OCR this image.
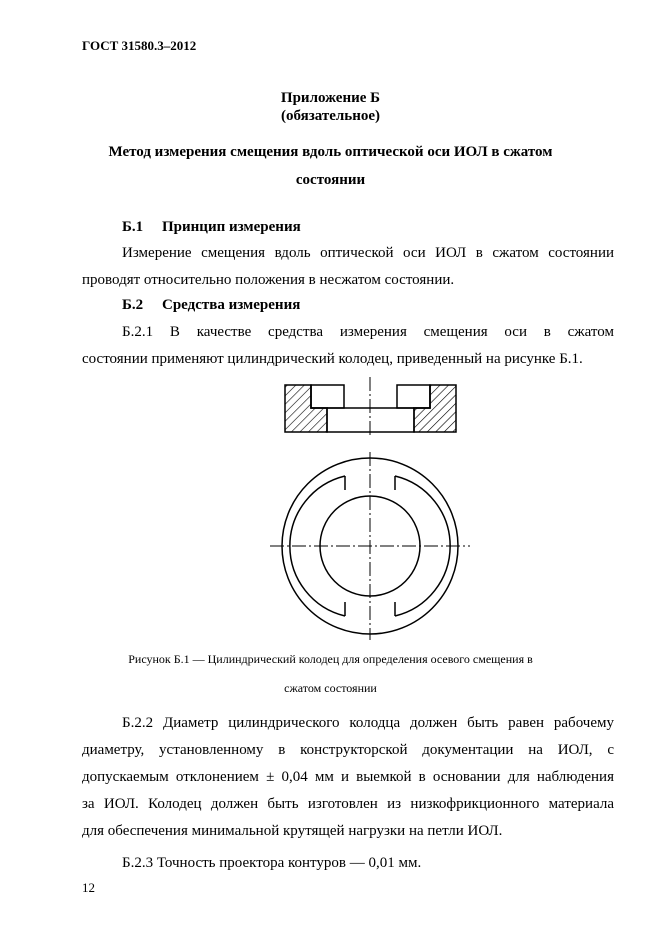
ГОСТ 31580.3–2012
Приложение Б
(обязательное)
Метод измерения смещения вдоль оптической оси ИОЛ в сжатом
состоянии
Б.1 Принцип измерения
Измерение смещения вдоль оптической оси ИОЛ в сжатом состоянии
проводят относительно положения в несжатом состоянии.
Б.2 Средства измерения
Б.2.1 В качестве средства измерения смещения оси в сжатом
состоянии применяют цилиндрический колодец, приведенный на рисунке Б.1.
Рисунок Б.1 — Цилиндрический колодец для определения осевого смещения в
сжатом состоянии
Б.2.2 Диаметр цилиндрического колодца должен быть равен рабочему
диаметру, установленному в конструкторской документации на ИОЛ, с
допускаемым отклонением ± 0,04 мм и выемкой в основании для наблюдения
за ИОЛ. Колодец должен быть изготовлен из низкофрикционного материала
для обеспечения минимальной крутящей нагрузки на петли ИОЛ.
Б.2.3 Точность проектора контуров — 0,01 мм.
12
